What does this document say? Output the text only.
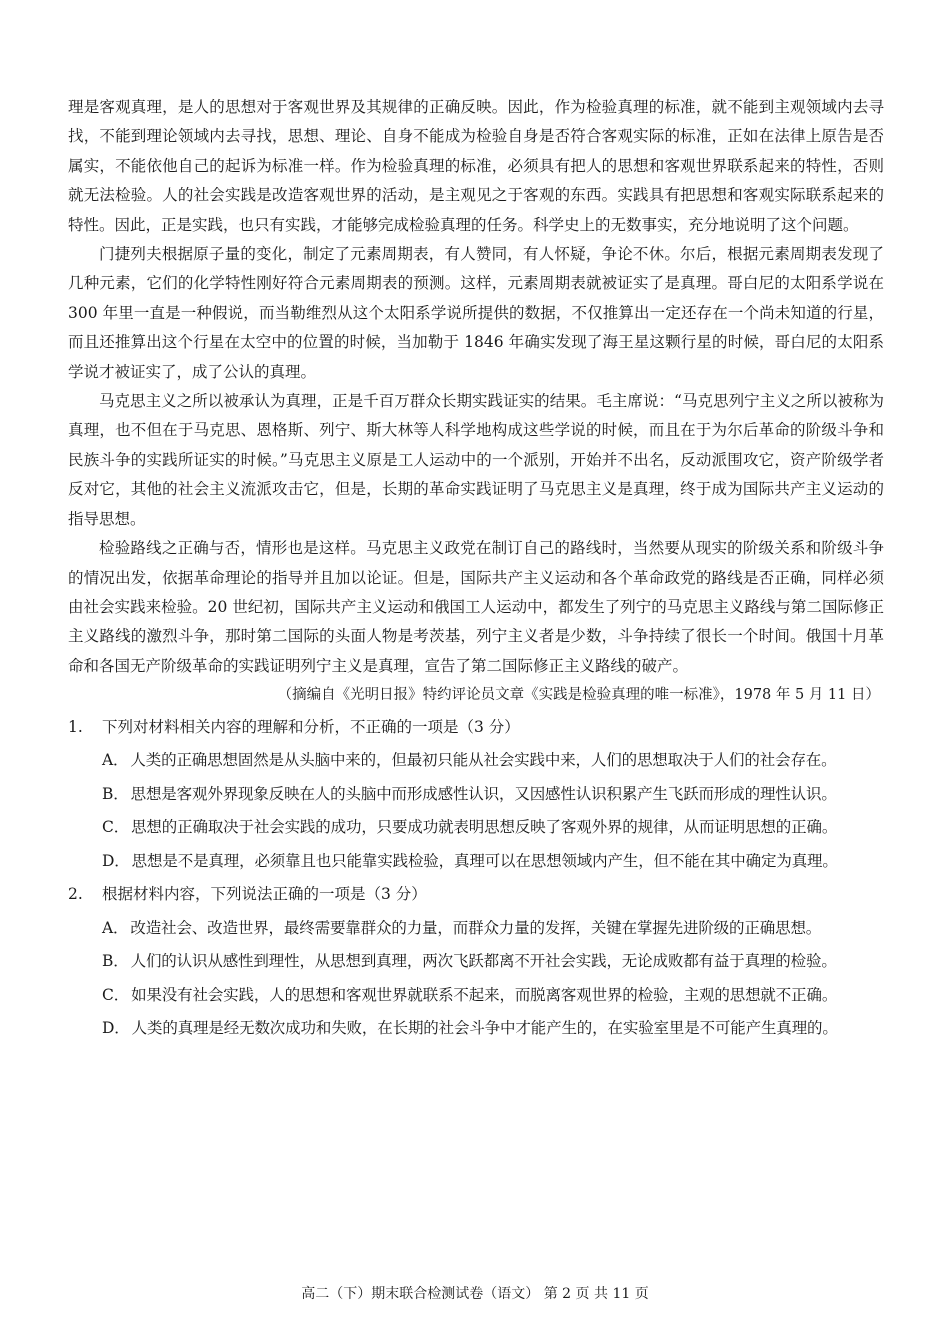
理是客观真理，是人的思想对于客观世界及其规律的正确反映。因此，作为检验真理的标准，就不能到主观领域内去寻找，不能到理论领域内去寻找，思想、理论、自身不能成为检验自身是否符合客观实际的标准，正如在法律上原告是否属实，不能依他自己的起诉为标准一样。作为检验真理的标准，必须具有把人的思想和客观世界联系起来的特性，否则就无法检验。人的社会实践是改造客观世界的活动，是主观见之于客观的东西。实践具有把思想和客观实际联系起来的特性。因此，正是实践，也只有实践，才能够完成检验真理的任务。科学史上的无数事实，充分地说明了这个问题。

门捷列夫根据原子量的变化，制定了元素周期表，有人赞同，有人怀疑，争论不休。尔后，根据元素周期表发现了几种元素，它们的化学特性刚好符合元素周期表的预测。这样，元素周期表就被证实了是真理。哥白尼的太阳系学说在 300 年里一直是一种假说，而当勒维烈从这个太阳系学说所提供的数据，不仅推算出一定还存在一个尚未知道的行星，而且还推算出这个行星在太空中的位置的时候，当加勒于 1846 年确实发现了海王星这颗行星的时候，哥白尼的太阳系学说才被证实了，成了公认的真理。

马克思主义之所以被承认为真理，正是千百万群众长期实践证实的结果。毛主席说：“马克思列宁主义之所以被称为真理，也不但在于马克思、恩格斯、列宁、斯大林等人科学地构成这些学说的时候，而且在于为尔后革命的阶级斗争和民族斗争的实践所证实的时候。”马克思主义原是工人运动中的一个派别，开始并不出名，反动派围攻它，资产阶级学者反对它，其他的社会主义流派攻击它，但是，长期的革命实践证明了马克思主义是真理，终于成为国际共产主义运动的指导思想。

检验路线之正确与否，情形也是这样。马克思主义政党在制订自己的路线时，当然要从现实的阶级关系和阶级斗争的情况出发，依据革命理论的指导并且加以论证。但是，国际共产主义运动和各个革命政党的路线是否正确，同样必须由社会实践来检验。20 世纪初，国际共产主义运动和俄国工人运动中，都发生了列宁的马克思主义路线与第二国际修正主义路线的激烈斗争，那时第二国际的头面人物是考茨基，列宁主义者是少数，斗争持续了很长一个时间。俄国十月革命和各国无产阶级革命的实践证明列宁主义是真理，宣告了第二国际修正主义路线的破产。

（摘编自《光明日报》特约评论员文章《实践是检验真理的唯一标准》，1978 年 5 月 11 日）

1.	下列对材料相关内容的理解和分析，不正确的一项是（3 分）

A． 人类的正确思想固然是从头脑中来的，但最初只能从社会实践中来，人们的思想取决于人们的社会存在。

B． 思想是客观外界现象反映在人的头脑中而形成感性认识，又因感性认识积累产生飞跃而形成的理性认识。

C． 思想的正确取决于社会实践的成功，只要成功就表明思想反映了客观外界的规律，从而证明思想的正确。

D． 思想是不是真理，必须靠且也只能靠实践检验，真理可以在思想领域内产生，但不能在其中确定为真理。

2.	根据材料内容，下列说法正确的一项是（3 分）

A． 改造社会、改造世界，最终需要靠群众的力量，而群众力量的发挥，关键在掌握先进阶级的正确思想。

B． 人们的认识从感性到理性，从思想到真理，两次飞跃都离不开社会实践，无论成败都有益于真理的检验。

C． 如果没有社会实践，人的思想和客观世界就联系不起来，而脱离客观世界的检验，主观的思想就不正确。

D． 人类的真理是经无数次成功和失败，在长期的社会斗争中才能产生的，在实验室里是不可能产生真理的。

高二（下）期末联合检测试卷（语文） 第 2 页 共 11 页
